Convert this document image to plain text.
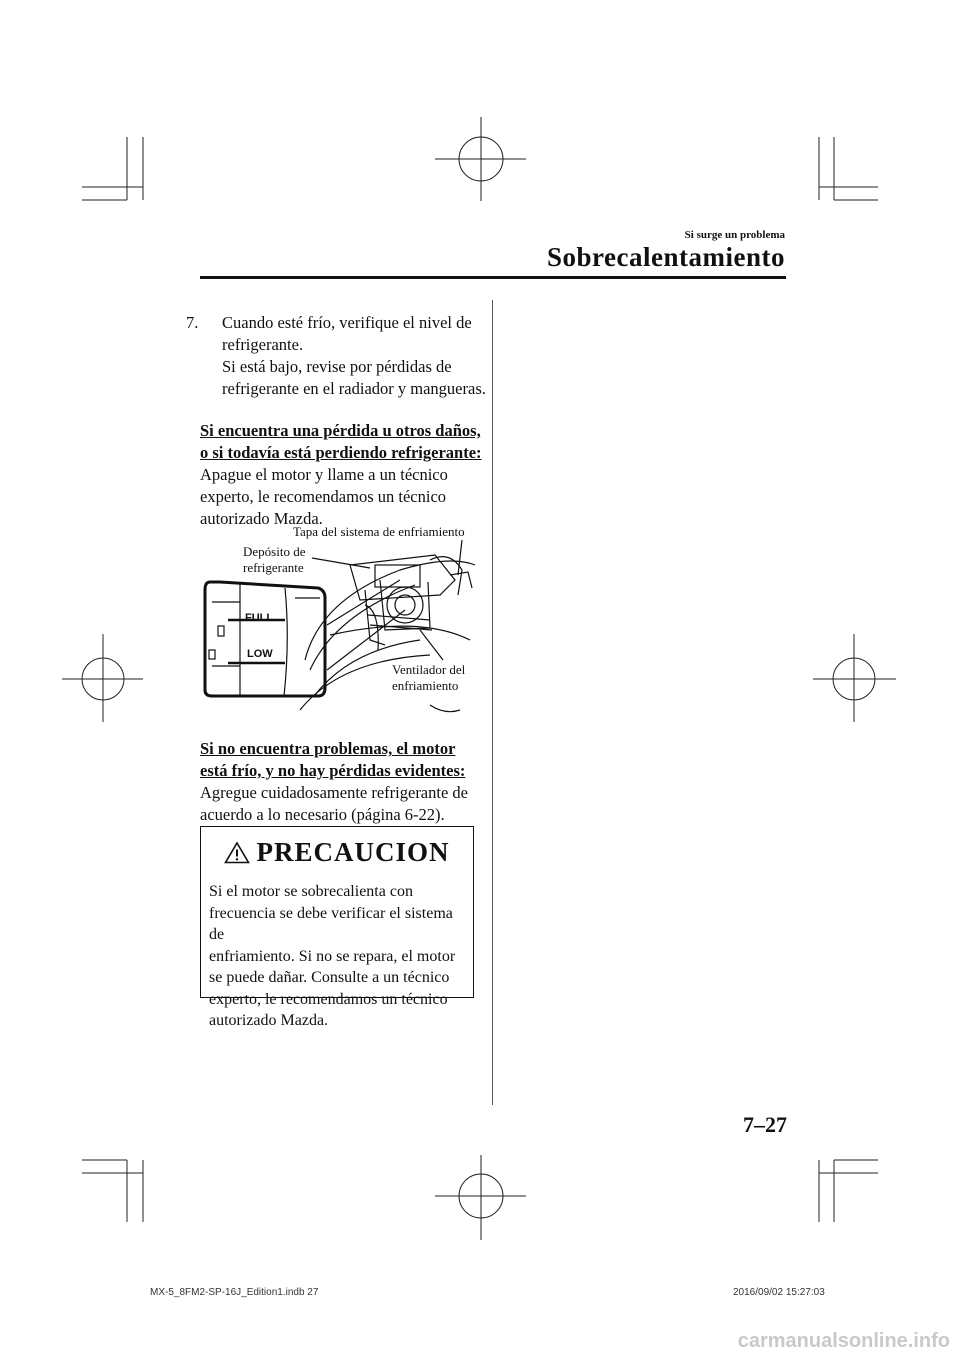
Si surge un problema
Sobrecalentamiento
7. Cuando esté frío, verifique el nivel de
refrigerante.
Si está bajo, revise por pérdidas de
refrigerante en el radiador y mangueras.
Si encuentra una pérdida u otros daños,
o si todavía está perdiendo refrigerante:
Apague el motor y llame a un técnico
experto, le recomendamos un técnico
autorizado Mazda.
FULL
LOW
Tapa del sistema de enfriamiento
Depósito de
refrigerante
Ventilador del
enfriamiento
Si no encuentra problemas, el motor
está frío, y no hay pérdidas evidentes:
Agregue cuidadosamente refrigerante de
acuerdo a lo necesario (página 6-22).
PRECAUCION
Si el motor se sobrecalienta con
frecuencia se debe verificar el sistema de
enfriamiento. Si no se repara, el motor
se puede dañar. Consulte a un técnico
experto, le recomendamos un técnico
autorizado Mazda.
7–27
MX-5_8FM2-SP-16J_Edition1.indb 27	2016/09/02 15:27:03
carmanualsonline.info
